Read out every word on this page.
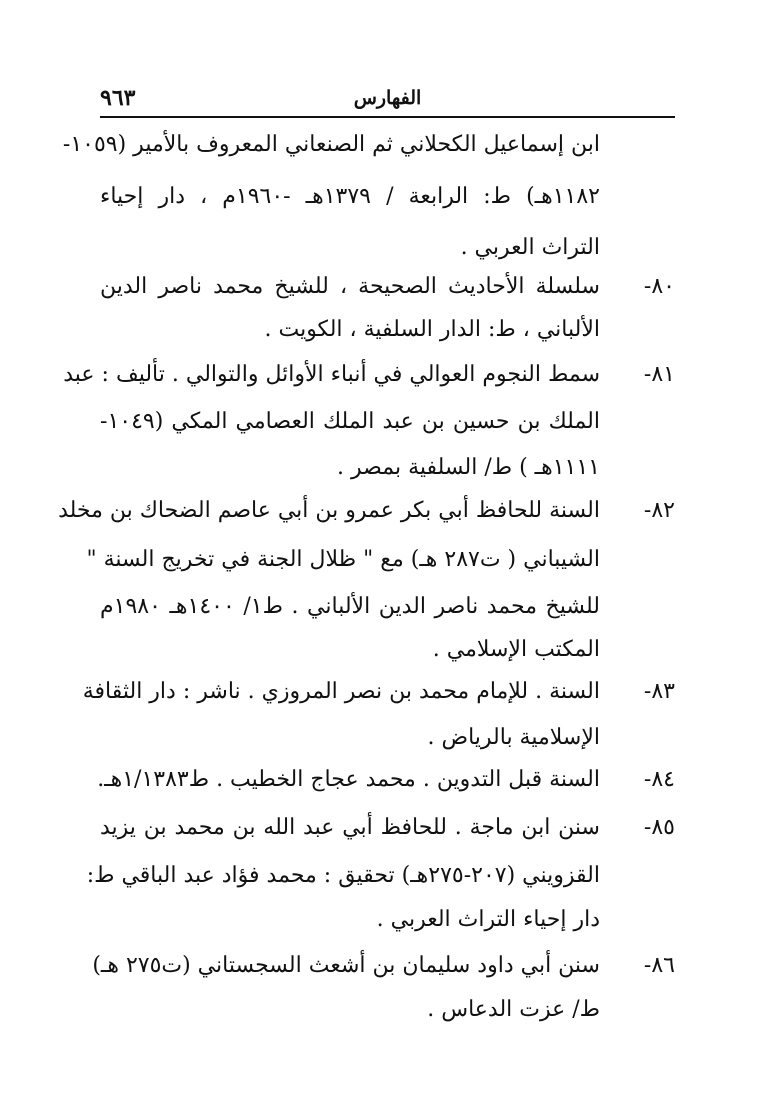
٩٦٣	الفهارس
ابن إسماعيل الكحلاني ثم الصنعاني المعروف بالأمير (١٠٥٩-
١١٨٢هـ) ط: الرابعة / ١٣٧٩هـ -١٩٦٠م ، دار إحياء
التراث العربي .
٨٠-
سلسلة الأحاديث الصحيحة ، للشيخ محمد ناصر الدين
الألباني ، ط: الدار السلفية ، الكويت .
٨١-
سمط النجوم العوالي في أنباء الأوائل والتوالي . تأليف : عبد
الملك بن حسين بن عبد الملك العصامي المكي (١٠٤٩-
١١١١هـ ) ط/ السلفية بمصر .
٨٢-
السنة للحافظ أبي بكر عمرو بن أبي عاصم الضحاك بن مخلد
الشيباني ( ت٢٨٧ هـ) مع " ظلال الجنة في تخريج السنة "
للشيخ محمد ناصر الدين الألباني . ط١/ ١٤٠٠هـ ١٩٨٠م
المكتب الإسلامي .
٨٣-
السنة . للإمام محمد بن نصر المروزي . ناشر : دار الثقافة
الإسلامية بالرياض .
٨٤-
السنة قبل التدوين . محمد عجاج الخطيب . ط١/١٣٨٣هـ.
٨٥-
سنن ابن ماجة . للحافظ أبي عبد الله بن محمد بن يزيد
القزويني (٢٠٧-٢٧٥هـ) تحقيق : محمد فؤاد عبد الباقي ط:
دار إحياء التراث العربي .
٨٦-
سنن أبي داود سليمان بن أشعث السجستاني (ت٢٧٥ هـ)
ط/ عزت الدعاس .
